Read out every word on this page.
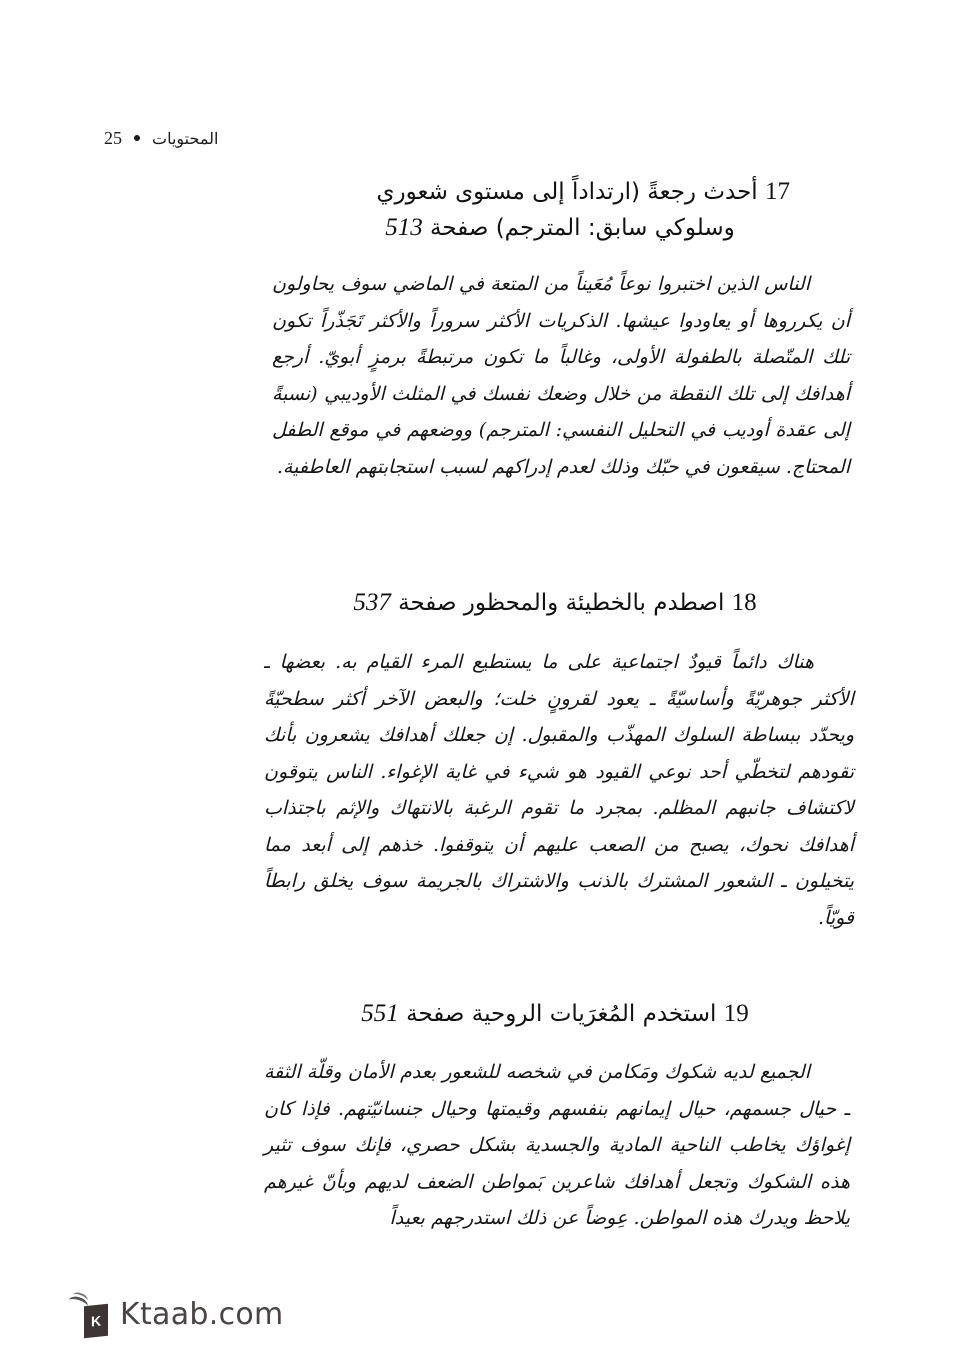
25 المحتويات
17 أحدث رجعةً (ارتداداً إلى مستوى شعوري
وسلوكي سابق: المترجم) صفحة 513
الناس الذين اختبروا نوعاً مُعَيناً من المتعة في الماضي سوف يحاولون أن يكرروها أو يعاودوا عيشها. الذكريات الأكثر سروراً والأكثر تَجَذّراً تكون تلك المتّصلة بالطفولة الأولى، وغالباً ما تكون مرتبطةً برمزٍ أبويّ. أرجع أهدافك إلى تلك النقطة من خلال وضعك نفسك في المثلث الأوديبي (نسبةً إلى عقدة أوديب في التحليل النفسي: المترجم) ووضعهم في موقع الطفل المحتاج. سيقعون في حبّك وذلك لعدم إدراكهم لسبب استجابتهم العاطفية.
18 اصطدم بالخطيئة والمحظور صفحة 537
هناك دائماً قيودٌ اجتماعية على ما يستطيع المرء القيام به. بعضها ـ الأكثر جوهريّةً وأساسيّةً ـ يعود لقرونٍ خلت؛ والبعض الآخر أكثر سطحيّةً ويحدّد ببساطة السلوك المهذّب والمقبول. إن جعلك أهدافك يشعرون بأنك تقودهم لتخطّي أحد نوعي القيود هو شيء في غاية الإغواء. الناس يتوقون لاكتشاف جانبهم المظلم. بمجرد ما تقوم الرغبة بالانتهاك والإثم باجتذاب أهدافك نحوك، يصبح من الصعب عليهم أن يتوقفوا. خذهم إلى أبعد مما يتخيلون ـ الشعور المشترك بالذنب والاشتراك بالجريمة سوف يخلق رابطاً قويّاً.
19 استخدم المُغرَيات الروحية صفحة 551
الجميع لديه شكوك ومَكامن في شخصه للشعور بعدم الأمان وقلّة الثقة ـ حيال جسمهم، حيال إيمانهم بنفسهم وقيمتها وحيال جنسانيّتهم. فإذا كان إغواؤك يخاطب الناحية المادية والجسدية بشكل حصري، فإنك سوف تثير هذه الشكوك وتجعل أهدافك شاعرين بَمواطن الضعف لديهم وبأنّ غيرهم يلاحظ ويدرك هذه المواطن. عِوضاً عن ذلك استدرجهم بعيداً
K Ktaab.com
